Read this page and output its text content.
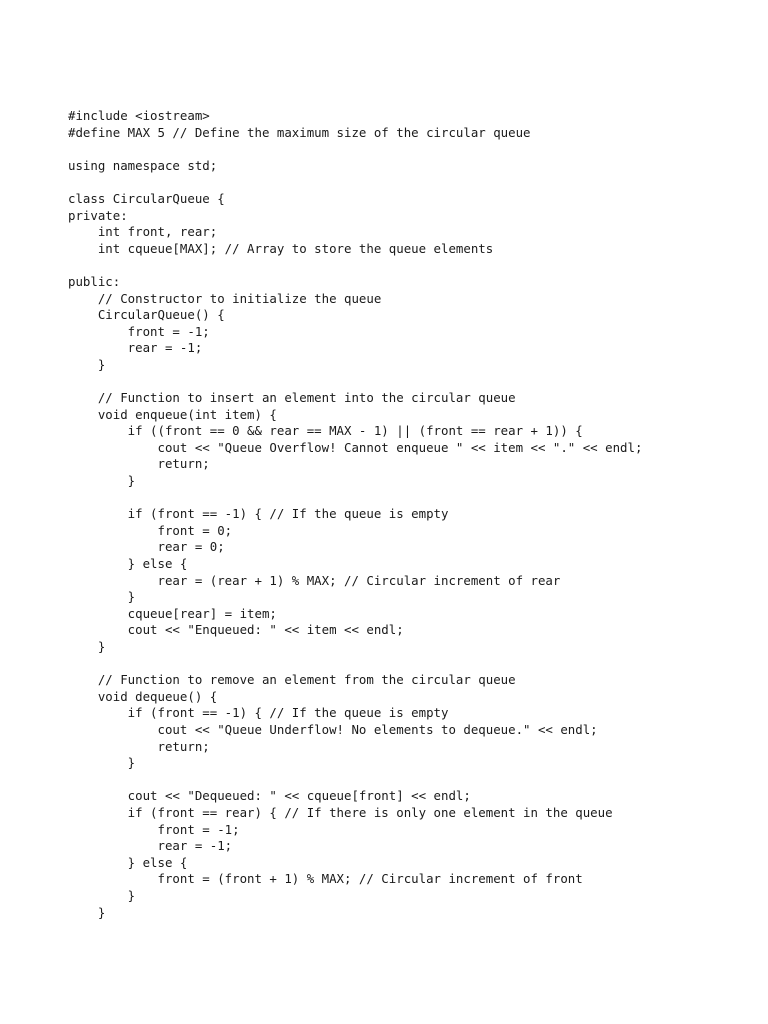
#include <iostream>
#define MAX 5 // Define the maximum size of the circular queue
using namespace std;
class CircularQueue {
private:
int front, rear;
int cqueue[MAX]; // Array to store the queue elements
public:
// Constructor to initialize the queue
CircularQueue() {
front = -1;
rear = -1;
}
// Function to insert an element into the circular queue
void enqueue(int item) {
if ((front == 0 && rear == MAX - 1) || (front == rear + 1)) {
cout << "Queue Overflow! Cannot enqueue " << item << "." << endl;
return;
}
if (front == -1) { // If the queue is empty
front = 0;
rear = 0;
} else {
rear = (rear + 1) % MAX; // Circular increment of rear
}
cqueue[rear] = item;
cout << "Enqueued: " << item << endl;
}
// Function to remove an element from the circular queue
void dequeue() {
if (front == -1) { // If the queue is empty
cout << "Queue Underflow! No elements to dequeue." << endl;
return;
}
cout << "Dequeued: " << cqueue[front] << endl;
if (front == rear) { // If there is only one element in the queue
front = -1;
rear = -1;
} else {
front = (front + 1) % MAX; // Circular increment of front
}
}
